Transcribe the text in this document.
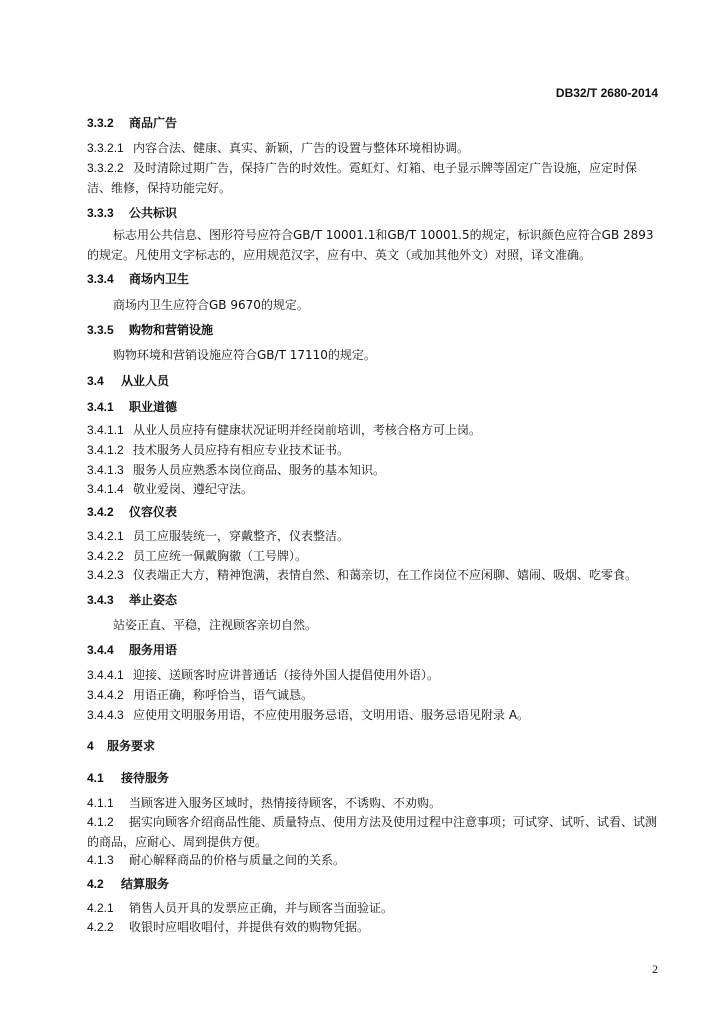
DB32/T 2680-2014
3.3.2 商品广告
3.3.2.1 内容合法、健康、真实、新颖，广告的设置与整体环境相协调。
3.3.2.2 及时清除过期广告，保持广告的时效性。霓虹灯、灯箱、电子显示牌等固定广告设施，应定时保洁、维修，保持功能完好。
3.3.3 公共标识
标志用公共信息、图形符号应符合GB/T 10001.1和GB/T 10001.5的规定，标识颜色应符合GB 2893的规定。凡使用文字标志的，应用规范汉字，应有中、英文（或加其他外文）对照，译文准确。
3.3.4 商场内卫生
商场内卫生应符合GB 9670的规定。
3.3.5 购物和营销设施
购物环境和营销设施应符合GB/T 17110的规定。
3.4 从业人员
3.4.1 职业道德
3.4.1.1 从业人员应持有健康状况证明并经岗前培训，考核合格方可上岗。
3.4.1.2 技术服务人员应持有相应专业技术证书。
3.4.1.3 服务人员应熟悉本岗位商品、服务的基本知识。
3.4.1.4 敬业爱岗、遵纪守法。
3.4.2 仪容仪表
3.4.2.1 员工应服装统一，穿戴整齐，仪表整洁。
3.4.2.2 员工应统一佩戴胸徽（工号牌）。
3.4.2.3 仪表端正大方，精神饱满，表情自然、和蔼亲切，在工作岗位不应闲聊、嬉闹、吸烟、吃零食。
3.4.3 举止姿态
站姿正直、平稳，注视顾客亲切自然。
3.4.4 服务用语
3.4.4.1 迎接、送顾客时应讲普通话（接待外国人提倡使用外语）。
3.4.4.2 用语正确，称呼恰当，语气诚恳。
3.4.4.3 应使用文明服务用语，不应使用服务忌语，文明用语、服务忌语见附录 A。
4 服务要求
4.1 接待服务
4.1.1 当顾客进入服务区域时，热情接待顾客，不诱购、不劝购。
4.1.2 据实向顾客介绍商品性能、质量特点、使用方法及使用过程中注意事项；可试穿、试听、试看、试测的商品，应耐心、周到提供方便。
4.1.3 耐心解释商品的价格与质量之间的关系。
4.2 结算服务
4.2.1 销售人员开具的发票应正确，并与顾客当面验证。
4.2.2 收银时应唱收唱付，并提供有效的购物凭据。
2
